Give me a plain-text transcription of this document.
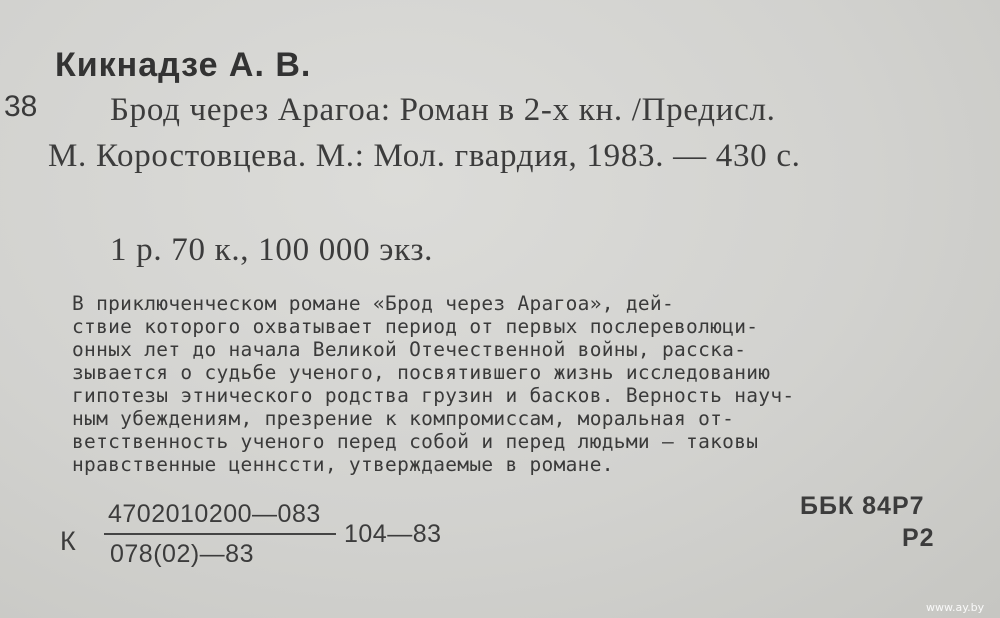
Кикнадзе А. В.
38 Брод через Арагоа: Роман в 2-х кн. /Предисл.
М. Коростовцева. М.: Мол. гвардия, 1983. — 430 с.
1 р. 70 к., 100 000 экз.
В приключенческом романе «Брод через Арагоа», дей-
ствие которого охватывает период от первых послереволюци-
онных лет до начала Великой Отечественной войны, расска-
зывается о судьбе ученого, посвятившего жизнь исследованию
гипотезы этнического родства грузин и басков. Верность науч-
ным убеждениям, презрение к компромиссам, моральная от-
ветственность ученого перед собой и перед людьми — таковы
нравственные ценнссти, утверждаемые в романе.
К
4702010200—083
078(02)—83
104—83
ББК 84Р7
Р2
www.ay.by
